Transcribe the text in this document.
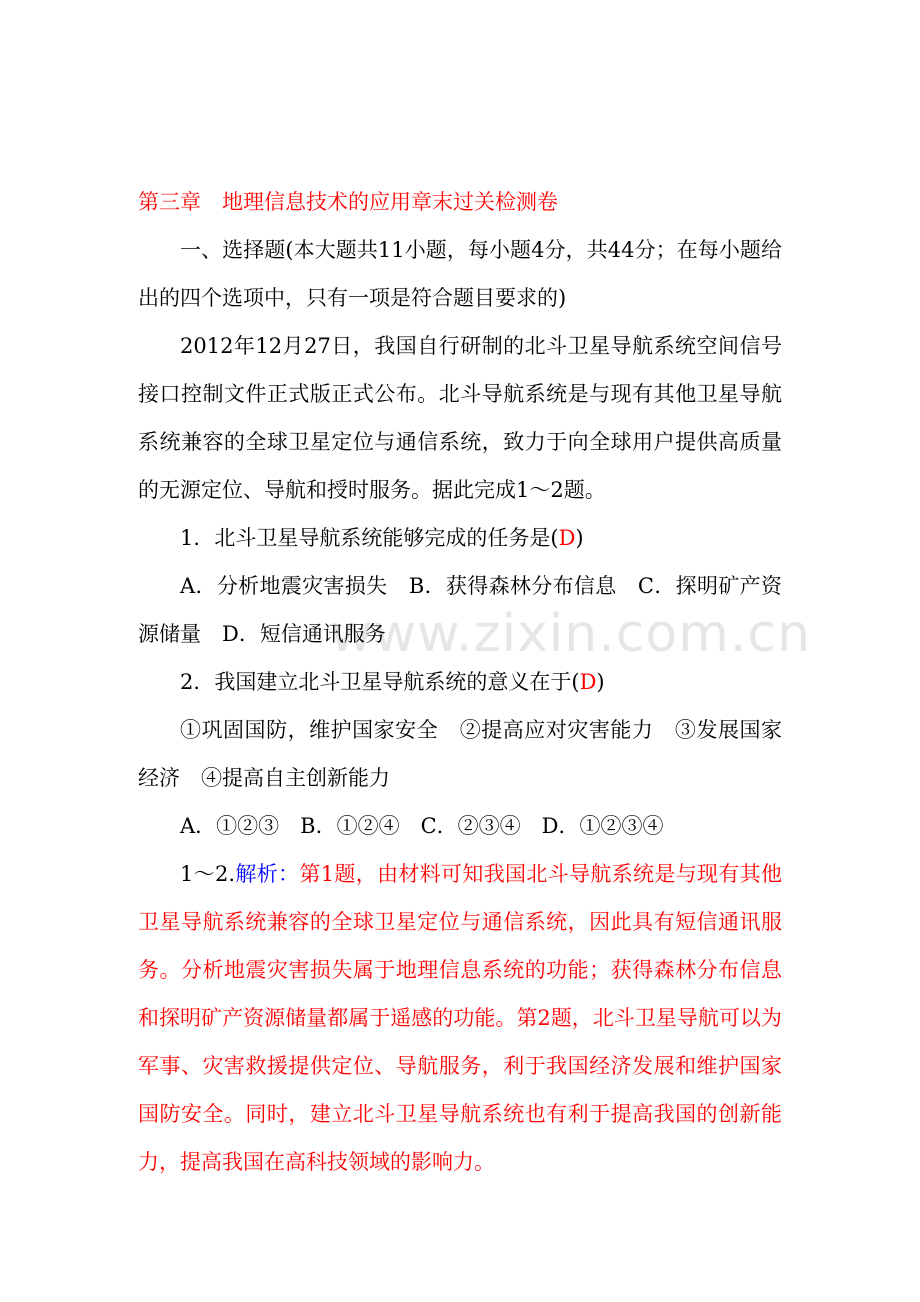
www.zixin.com.cn

第三章　地理信息技术的应用章末过关检测卷

一、选择题(本大题共11小题，每小题4分，共44分；在每小题给出的四个选项中，只有一项是符合题目要求的)

2012年12月27日，我国自行研制的北斗卫星导航系统空间信号接口控制文件正式版正式公布。北斗导航系统是与现有其他卫星导航系统兼容的全球卫星定位与通信系统，致力于向全球用户提供高质量的无源定位、导航和授时服务。据此完成1～2题。

1．北斗卫星导航系统能够完成的任务是(D)

A．分析地震灾害损失　B．获得森林分布信息　C．探明矿产资源储量　D．短信通讯服务

2．我国建立北斗卫星导航系统的意义在于(D)

①巩固国防，维护国家安全　②提高应对灾害能力　③发展国家经济　④提高自主创新能力

A．①②③　B．①②④　C．②③④　D．①②③④

1～2.解析：第1题，由材料可知我国北斗导航系统是与现有其他卫星导航系统兼容的全球卫星定位与通信系统，因此具有短信通讯服务。分析地震灾害损失属于地理信息系统的功能；获得森林分布信息和探明矿产资源储量都属于遥感的功能。第2题，北斗卫星导航可以为军事、灾害救援提供定位、导航服务，利于我国经济发展和维护国家国防安全。同时，建立北斗卫星导航系统也有利于提高我国的创新能力，提高我国在高科技领域的影响力。
